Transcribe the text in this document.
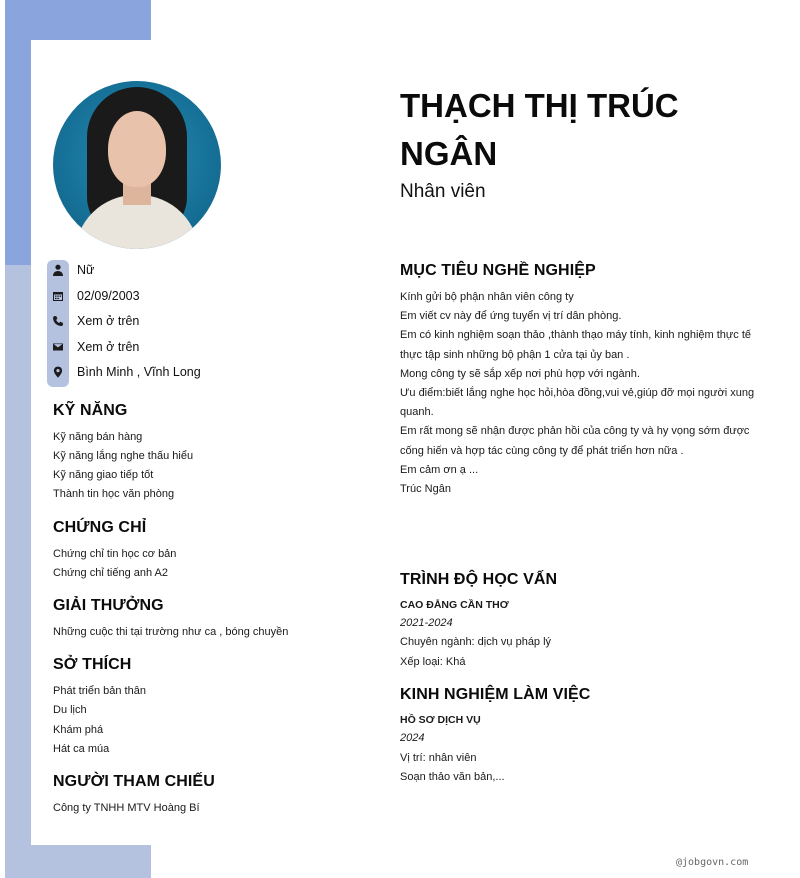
Nữ
02/09/2003
Xem ở trên
Xem ở trên
Bình Minh , Vĩnh Long
KỸ NĂNG

Kỹ năng bán hàng

Kỹ năng lắng nghe thấu hiểu

Kỹ năng giao tiếp tốt

Thành tin học văn phòng

CHỨNG CHỈ

Chứng chỉ tin học cơ bản

Chứng chỉ tiếng anh A2

GIẢI THƯỞNG

Những cuộc thi tại trường như ca , bóng chuyền

SỞ THÍCH

Phát triển bản thân

Du lịch

Khám phá

Hát ca múa

NGƯỜI THAM CHIẾU

Công ty TNHH MTV Hoàng Bí

THẠCH THỊ TRÚC NGÂN

Nhân viên

MỤC TIÊU NGHỀ NGHIỆP

Kính gửi bộ phận nhân viên công ty

Em viết cv này để ứng tuyển vị trí dân phòng.

Em có kinh nghiệm soạn thảo ,thành thạo máy tính, kinh nghiệm thực tế

thực tập sinh những bộ phận 1 cửa tại ủy ban .

Mong công ty sẽ sắp xếp nơi phù hợp với ngành.

Ưu điểm:biết lắng nghe học hỏi,hòa đồng,vui vẻ,giúp đỡ mọi người xung

quanh.

Em rất mong sẽ nhận được phản hồi của công ty và hy vọng sớm được

cống hiến và hợp tác cùng công ty để phát triển hơn nữa .

Em cảm ơn ạ ...

Trúc Ngân

TRÌNH ĐỘ HỌC VẤN

CAO ĐẲNG CẦN THƠ

2021-2024

Chuyên ngành: dịch vụ pháp lý

Xếp loại: Khá

KINH NGHIỆM LÀM VIỆC

HỒ SƠ DỊCH VỤ

2024

Vị trí: nhân viên

Soạn thảo văn bản,...

@jobgovn.com
